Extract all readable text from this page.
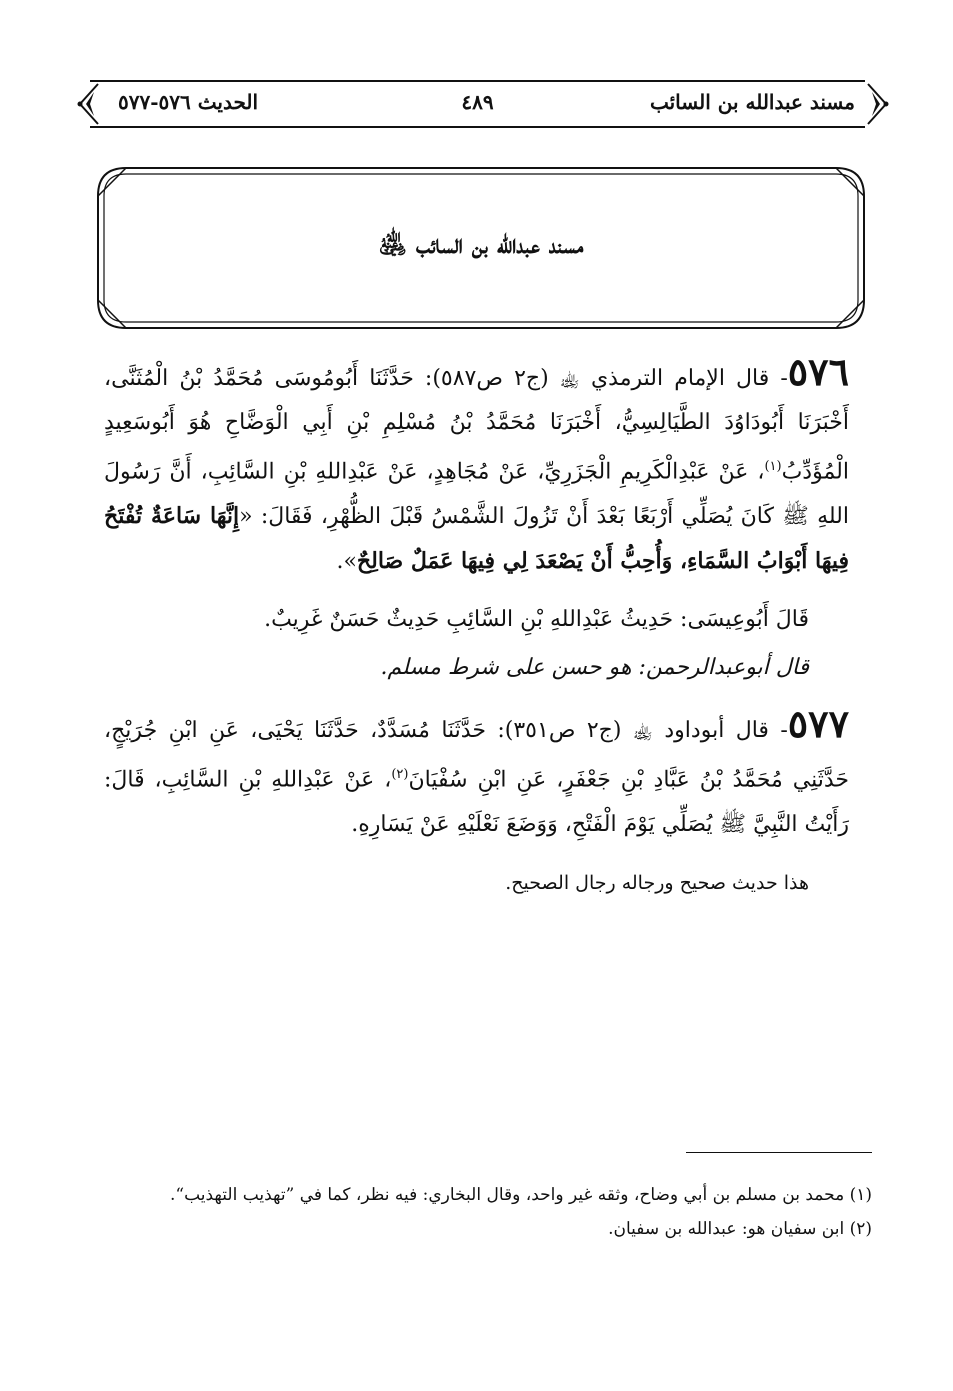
مسند عبدالله بن السائب
٤٨٩
الحديث ٥٧٦-٥٧٧
مسند عبدالله بن السائب ﵁

٥٧٦- قال الإمام الترمذي ﵀ (ج٢ ص٥٨٧): حَدَّثَنَا أَبُومُوسَى مُحَمَّدُ بْنُ الْمُثَنَّى، أَخْبَرَنَا أَبُودَاوُدَ الطَّيَالِسِيُّ، أَخْبَرَنَا مُحَمَّدُ بْنُ مُسْلِمِ بْنِ أَبِي الْوَضَّاحِ هُوَ أَبُوسَعِيدٍ الْمُؤَدِّبُ$^{(١)}$، عَنْ عَبْدِالْكَرِيمِ الْجَزَرِيِّ، عَنْ مُجَاهِدٍ، عَنْ عَبْدِاللهِ بْنِ السَّائِبِ، أَنَّ رَسُولَ اللهِ ﷺ كَانَ يُصَلِّي أَرْبَعًا بَعْدَ أَنْ تَزُولَ الشَّمْسُ قَبْلَ الظُّهْرِ، فَقَالَ: «إِنَّهَا سَاعَةٌ تُفْتَحُ فِيهَا أَبْوَابُ السَّمَاءِ، وَأُحِبُّ أَنْ يَصْعَدَ لِي فِيهَا عَمَلٌ صَالِحٌ».

قَالَ أَبُوعِيسَى: حَدِيثُ عَبْدِاللهِ بْنِ السَّائِبِ حَدِيثٌ حَسَنٌ غَرِيبٌ.

قال أبوعبدالرحمن: هو حسن على شرط مسلم.

٥٧٧- قال أبوداود ﵀ (ج٢ ص٣٥١): حَدَّثَنَا مُسَدَّدٌ، حَدَّثَنَا يَحْيَى، عَنِ ابْنِ جُرَيْجٍ، حَدَّثَنِي مُحَمَّدُ بْنُ عَبَّادِ بْنِ جَعْفَرٍ، عَنِ ابْنِ سُفْيَانَ$^{(٢)}$، عَنْ عَبْدِاللهِ بْنِ السَّائِبِ، قَالَ: رَأَيْتُ النَّبِيَّ ﷺ يُصَلِّي يَوْمَ الْفَتْحِ، وَوَضَعَ نَعْلَيْهِ عَنْ يَسَارِهِ.

هذا حديث صحيح ورجاله رجال الصحيح.

(١) محمد بن مسلم بن أبي وضاح، وثقه غير واحد، وقال البخاري: فيه نظر، كما في ”تهذيب التهذيب“.

(٢) ابن سفيان هو: عبدالله بن سفيان.
